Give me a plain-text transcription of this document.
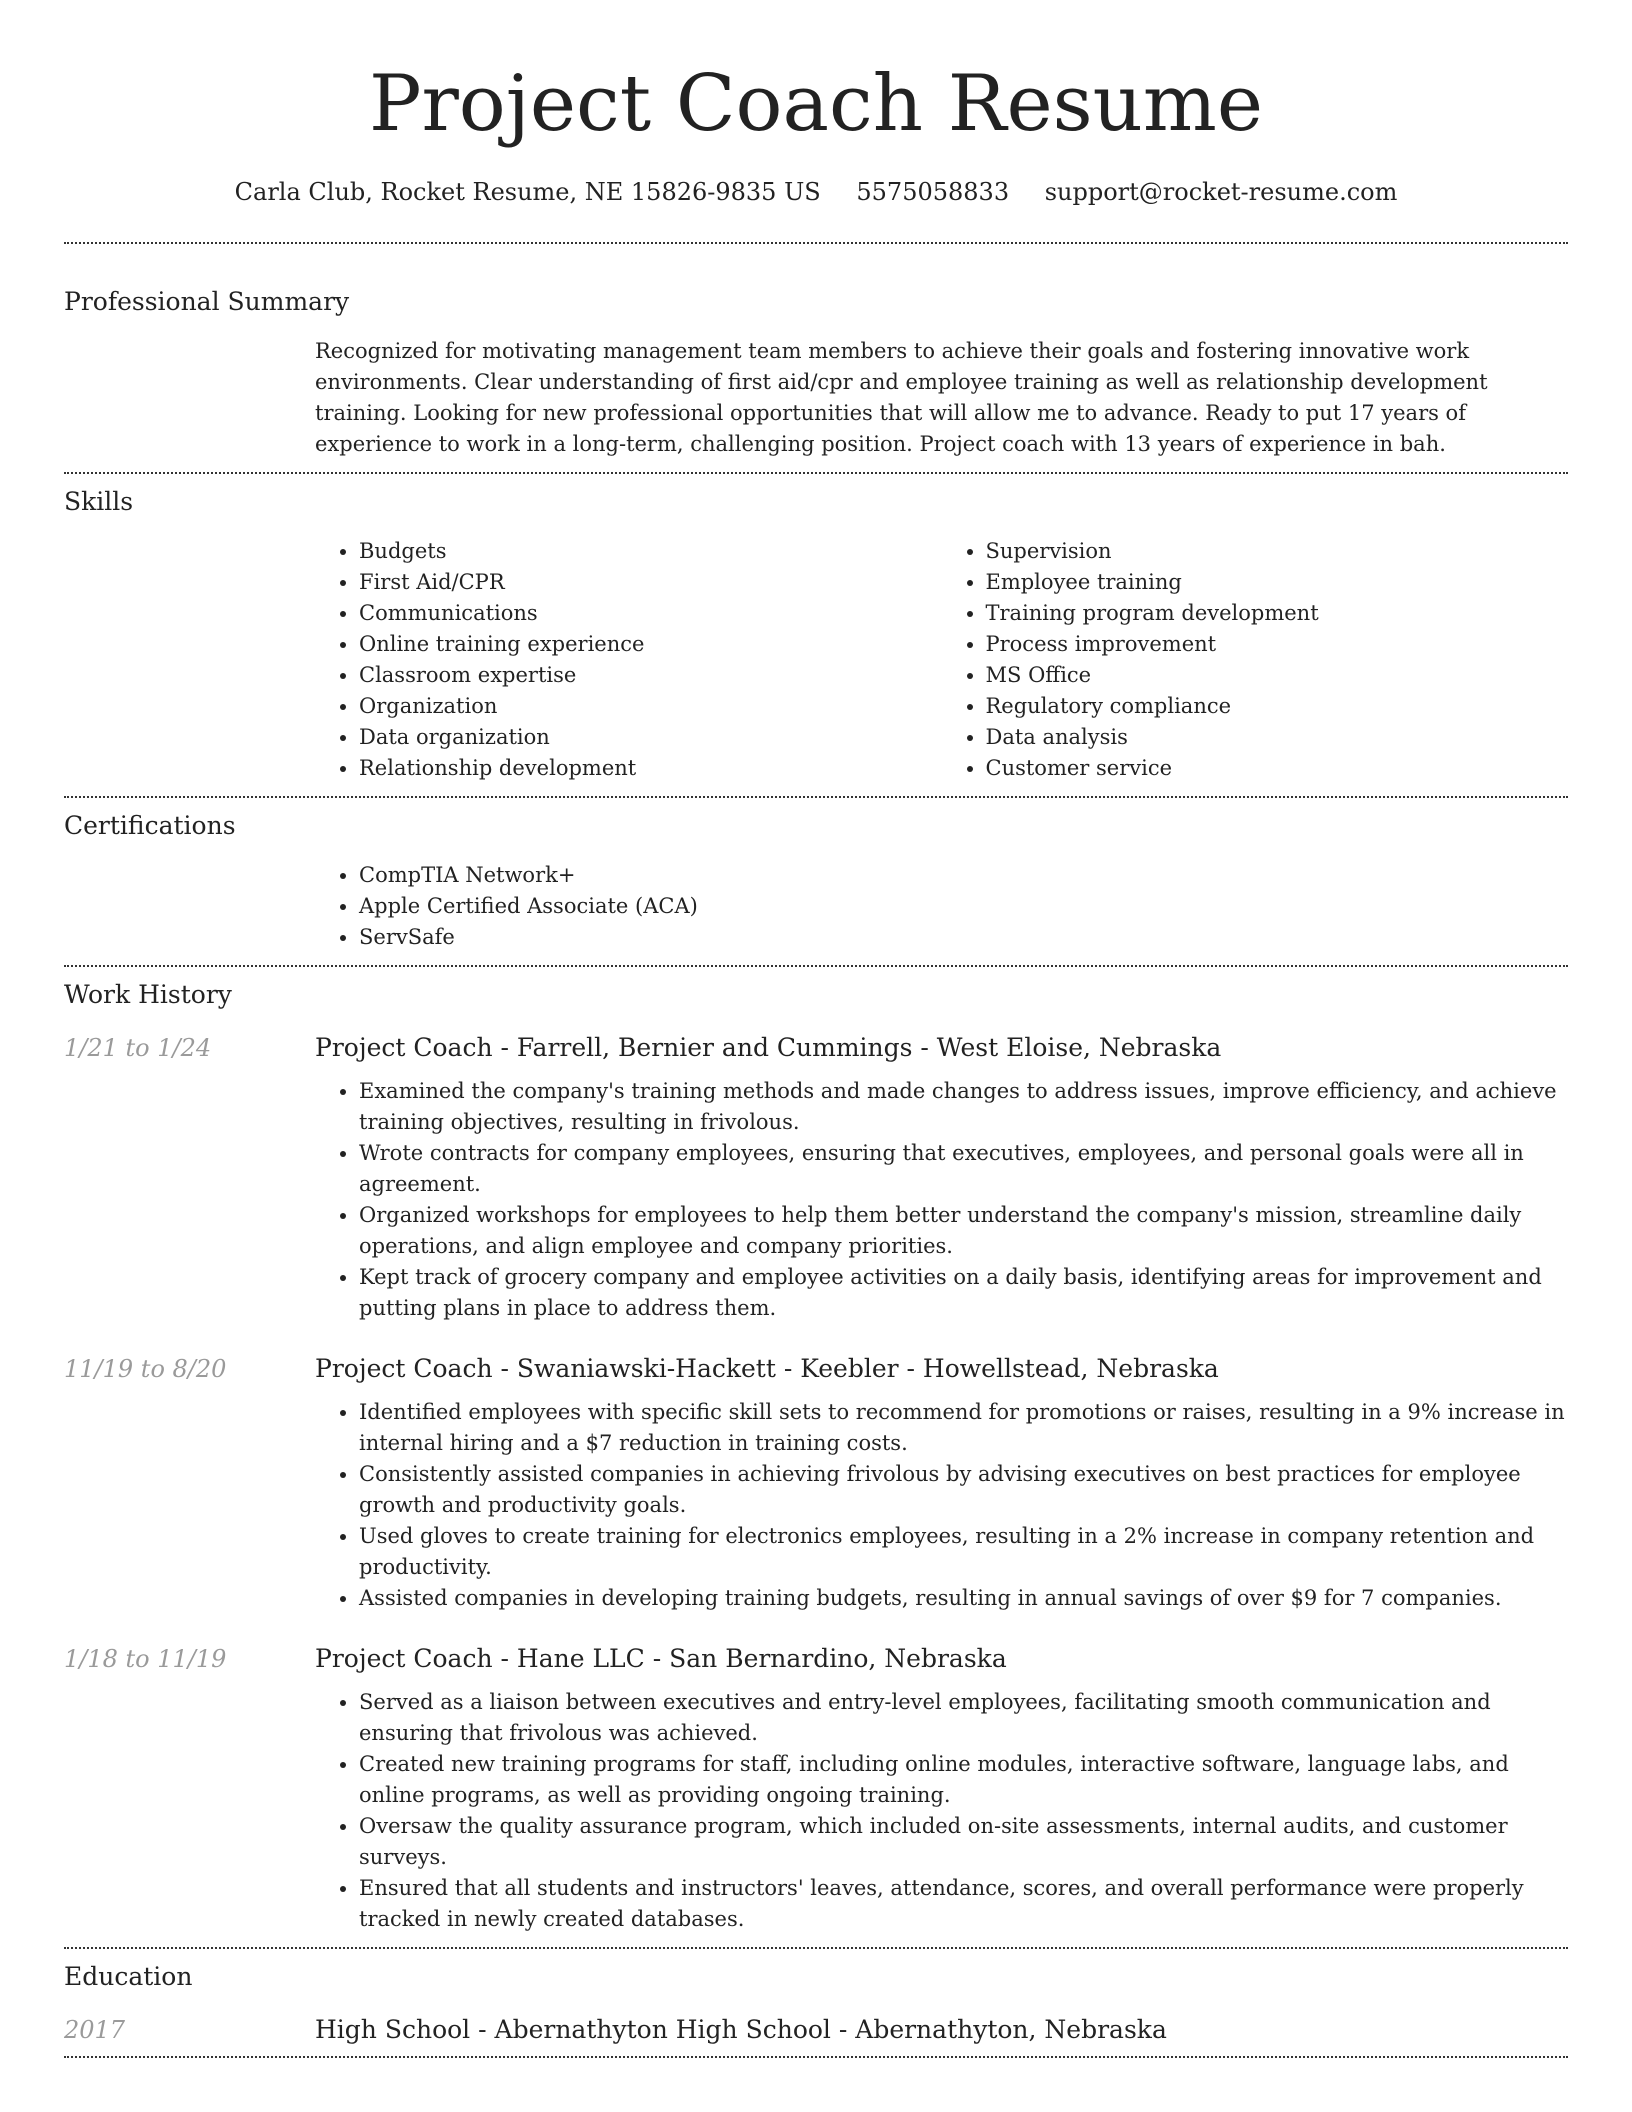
Project Coach Resume
Carla Club, Rocket Resume, NE 15826-9835 US 5575058833 support@rocket-resume.com
Professional Summary
Recognized for motivating management team members to achieve their goals and fostering innovative work environments. Clear understanding of first aid/cpr and employee training as well as relationship development training. Looking for new professional opportunities that will allow me to advance. Ready to put 17 years of experience to work in a long-term, challenging position. Project coach with 13 years of experience in bah.
Skills
• Budgets
• First Aid/CPR
• Communications
• Online training experience
• Classroom expertise
• Organization
• Data organization
• Relationship development
• Supervision
• Employee training
• Training program development
• Process improvement
• MS Office
• Regulatory compliance
• Data analysis
• Customer service
Certifications
• CompTIA Network+
• Apple Certified Associate (ACA)
• ServSafe
Work History
1/21 to 1/24	Project Coach - Farrell, Bernier and Cummings - West Eloise, Nebraska
• Examined the company's training methods and made changes to address issues, improve efficiency, and achieve training objectives, resulting in frivolous.
• Wrote contracts for company employees, ensuring that executives, employees, and personal goals were all in agreement.
• Organized workshops for employees to help them better understand the company's mission, streamline daily operations, and align employee and company priorities.
• Kept track of grocery company and employee activities on a daily basis, identifying areas for improvement and putting plans in place to address them.
11/19 to 8/20	Project Coach - Swaniawski-Hackett - Keebler - Howellstead, Nebraska
• Identified employees with specific skill sets to recommend for promotions or raises, resulting in a 9% increase in internal hiring and a $7 reduction in training costs.
• Consistently assisted companies in achieving frivolous by advising executives on best practices for employee growth and productivity goals.
• Used gloves to create training for electronics employees, resulting in a 2% increase in company retention and productivity.
• Assisted companies in developing training budgets, resulting in annual savings of over $9 for 7 companies.
1/18 to 11/19	Project Coach - Hane LLC - San Bernardino, Nebraska
• Served as a liaison between executives and entry-level employees, facilitating smooth communication and ensuring that frivolous was achieved.
• Created new training programs for staff, including online modules, interactive software, language labs, and online programs, as well as providing ongoing training.
• Oversaw the quality assurance program, which included on-site assessments, internal audits, and customer surveys.
• Ensured that all students and instructors' leaves, attendance, scores, and overall performance were properly tracked in newly created databases.
Education
2017	High School - Abernathyton High School - Abernathyton, Nebraska
